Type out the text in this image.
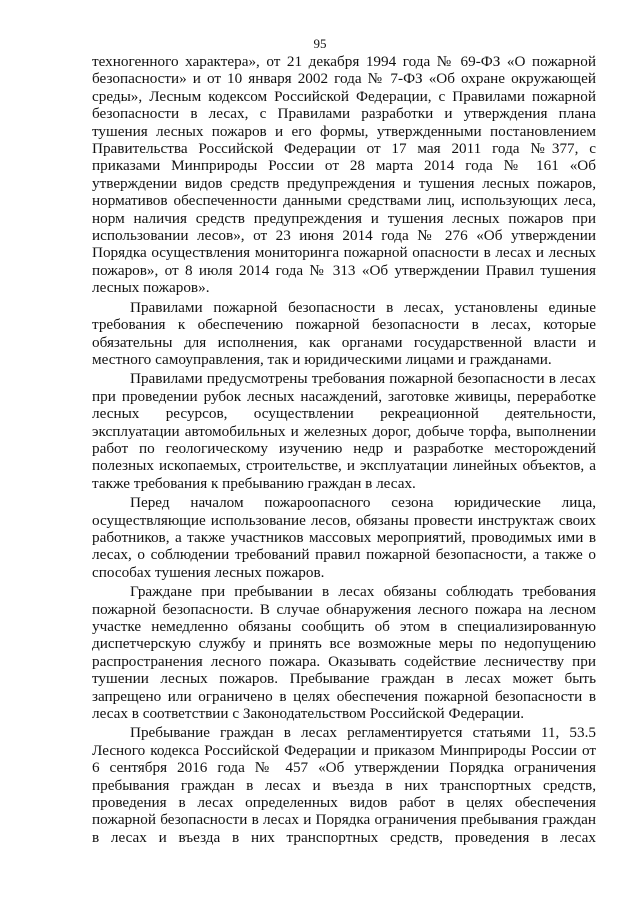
95

техногенного характера», от 21 декабря 1994 года № 69-ФЗ «О пожарной безопасности» и от 10 января 2002 года № 7-ФЗ «Об охране окружающей среды», Лесным кодексом Российской Федерации, с Правилами пожарной безопасности в лесах, с Правилами разработки и утверждения плана тушения лесных пожаров и его формы, утвержденными постановлением Правительства Российской Федерации от 17 мая 2011 года №377, с приказами Минприроды России от 28 марта 2014 года № 161 «Об утверждении видов средств предупреждения и тушения лесных пожаров, нормативов обеспеченности данными средствами лиц, использующих леса, норм наличия средств предупреждения и тушения лесных пожаров при использовании лесов», от 23 июня 2014 года № 276 «Об утверждении Порядка осуществления мониторинга пожарной опасности в лесах и лесных пожаров», от 8 июля 2014 года № 313 «Об утверждении Правил тушения лесных пожаров».

Правилами пожарной безопасности в лесах, установлены единые требования к обеспечению пожарной безопасности в лесах, которые обязательны для исполнения, как органами государственной власти и местного самоуправления, так и юридическими лицами и гражданами.

Правилами предусмотрены требования пожарной безопасности в лесах при проведении рубок лесных насаждений, заготовке живицы, переработке лесных ресурсов, осуществлении рекреационной деятельности, эксплуатации автомобильных и железных дорог, добыче торфа, выполнении работ по геологическому изучению недр и разработке месторождений полезных ископаемых, строительстве, и эксплуатации линейных объектов, а также требования к пребыванию граждан в лесах.

Перед началом пожароопасного сезона юридические лица, осуществляющие использование лесов, обязаны провести инструктаж своих работников, а также участников массовых мероприятий, проводимых ими в лесах, о соблюдении требований правил пожарной безопасности, а также о способах тушения лесных пожаров.

Граждане при пребывании в лесах обязаны соблюдать требования пожарной безопасности. В случае обнаружения лесного пожара на лесном участке немедленно обязаны сообщить об этом в специализированную диспетчерскую службу и принять все возможные меры по недопущению распространения лесного пожара. Оказывать содействие лесничеству при тушении лесных пожаров. Пребывание граждан в лесах может быть запрещено или ограничено в целях обеспечения пожарной безопасности в лесах в соответствии с Законодательством Российской Федерации.

Пребывание граждан в лесах регламентируется статьями 11, 53.5 Лесного кодекса Российской Федерации и приказом Минприроды России от 6 сентября 2016 года № 457 «Об утверждении Порядка ограничения пребывания граждан в лесах и въезда в них транспортных средств, проведения в лесах определенных видов работ в целях обеспечения пожарной безопасности в лесах и Порядка ограничения пребывания граждан в лесах и въезда в них транспортных средств, проведения в лесах
